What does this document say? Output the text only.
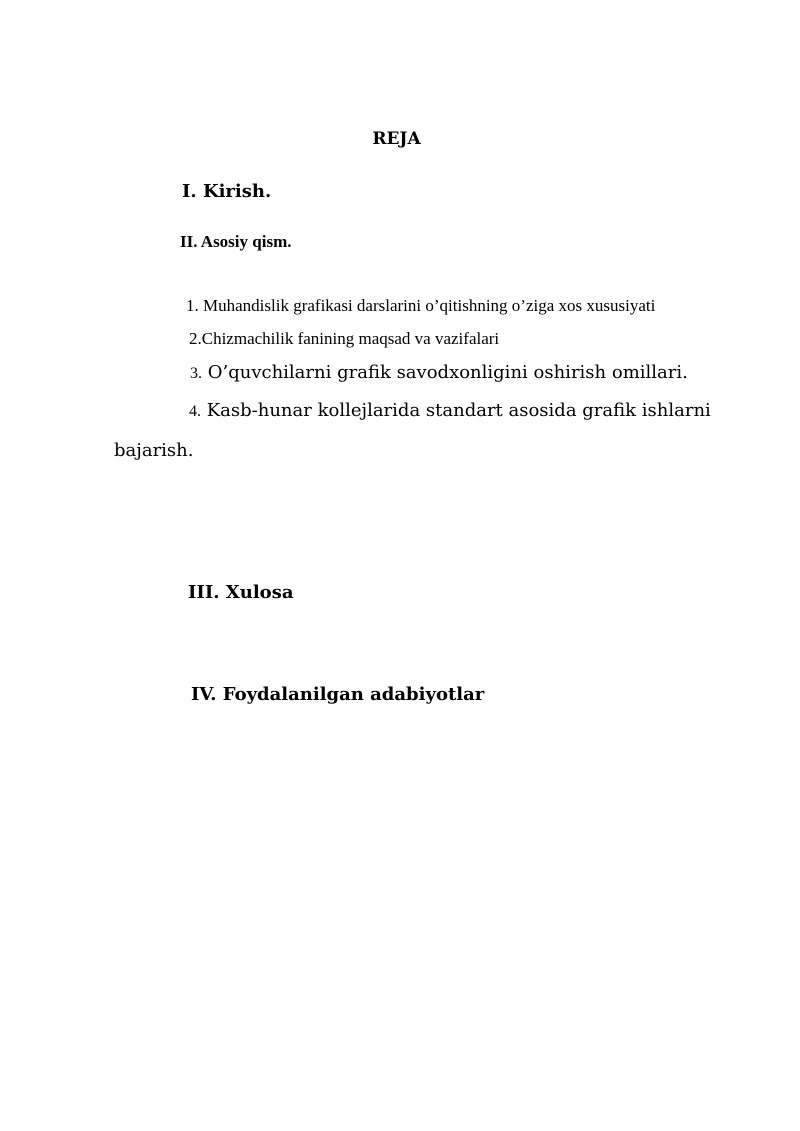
REJA

I. Kirish.

II. Asosiy qism.

1. Muhandislik grafikasi darslarini o’qitishning o’ziga xos xususiyati

2.Chizmachilik fanining maqsad va vazifalari

3. O’quvchilarni grafik savodxonligini oshirish omillari.

4. Kasb-hunar kollejlarida standart asosida grafik ishlarni

bajarish.

III. Xulosa

IV. Foydalanilgan adabiyotlar
